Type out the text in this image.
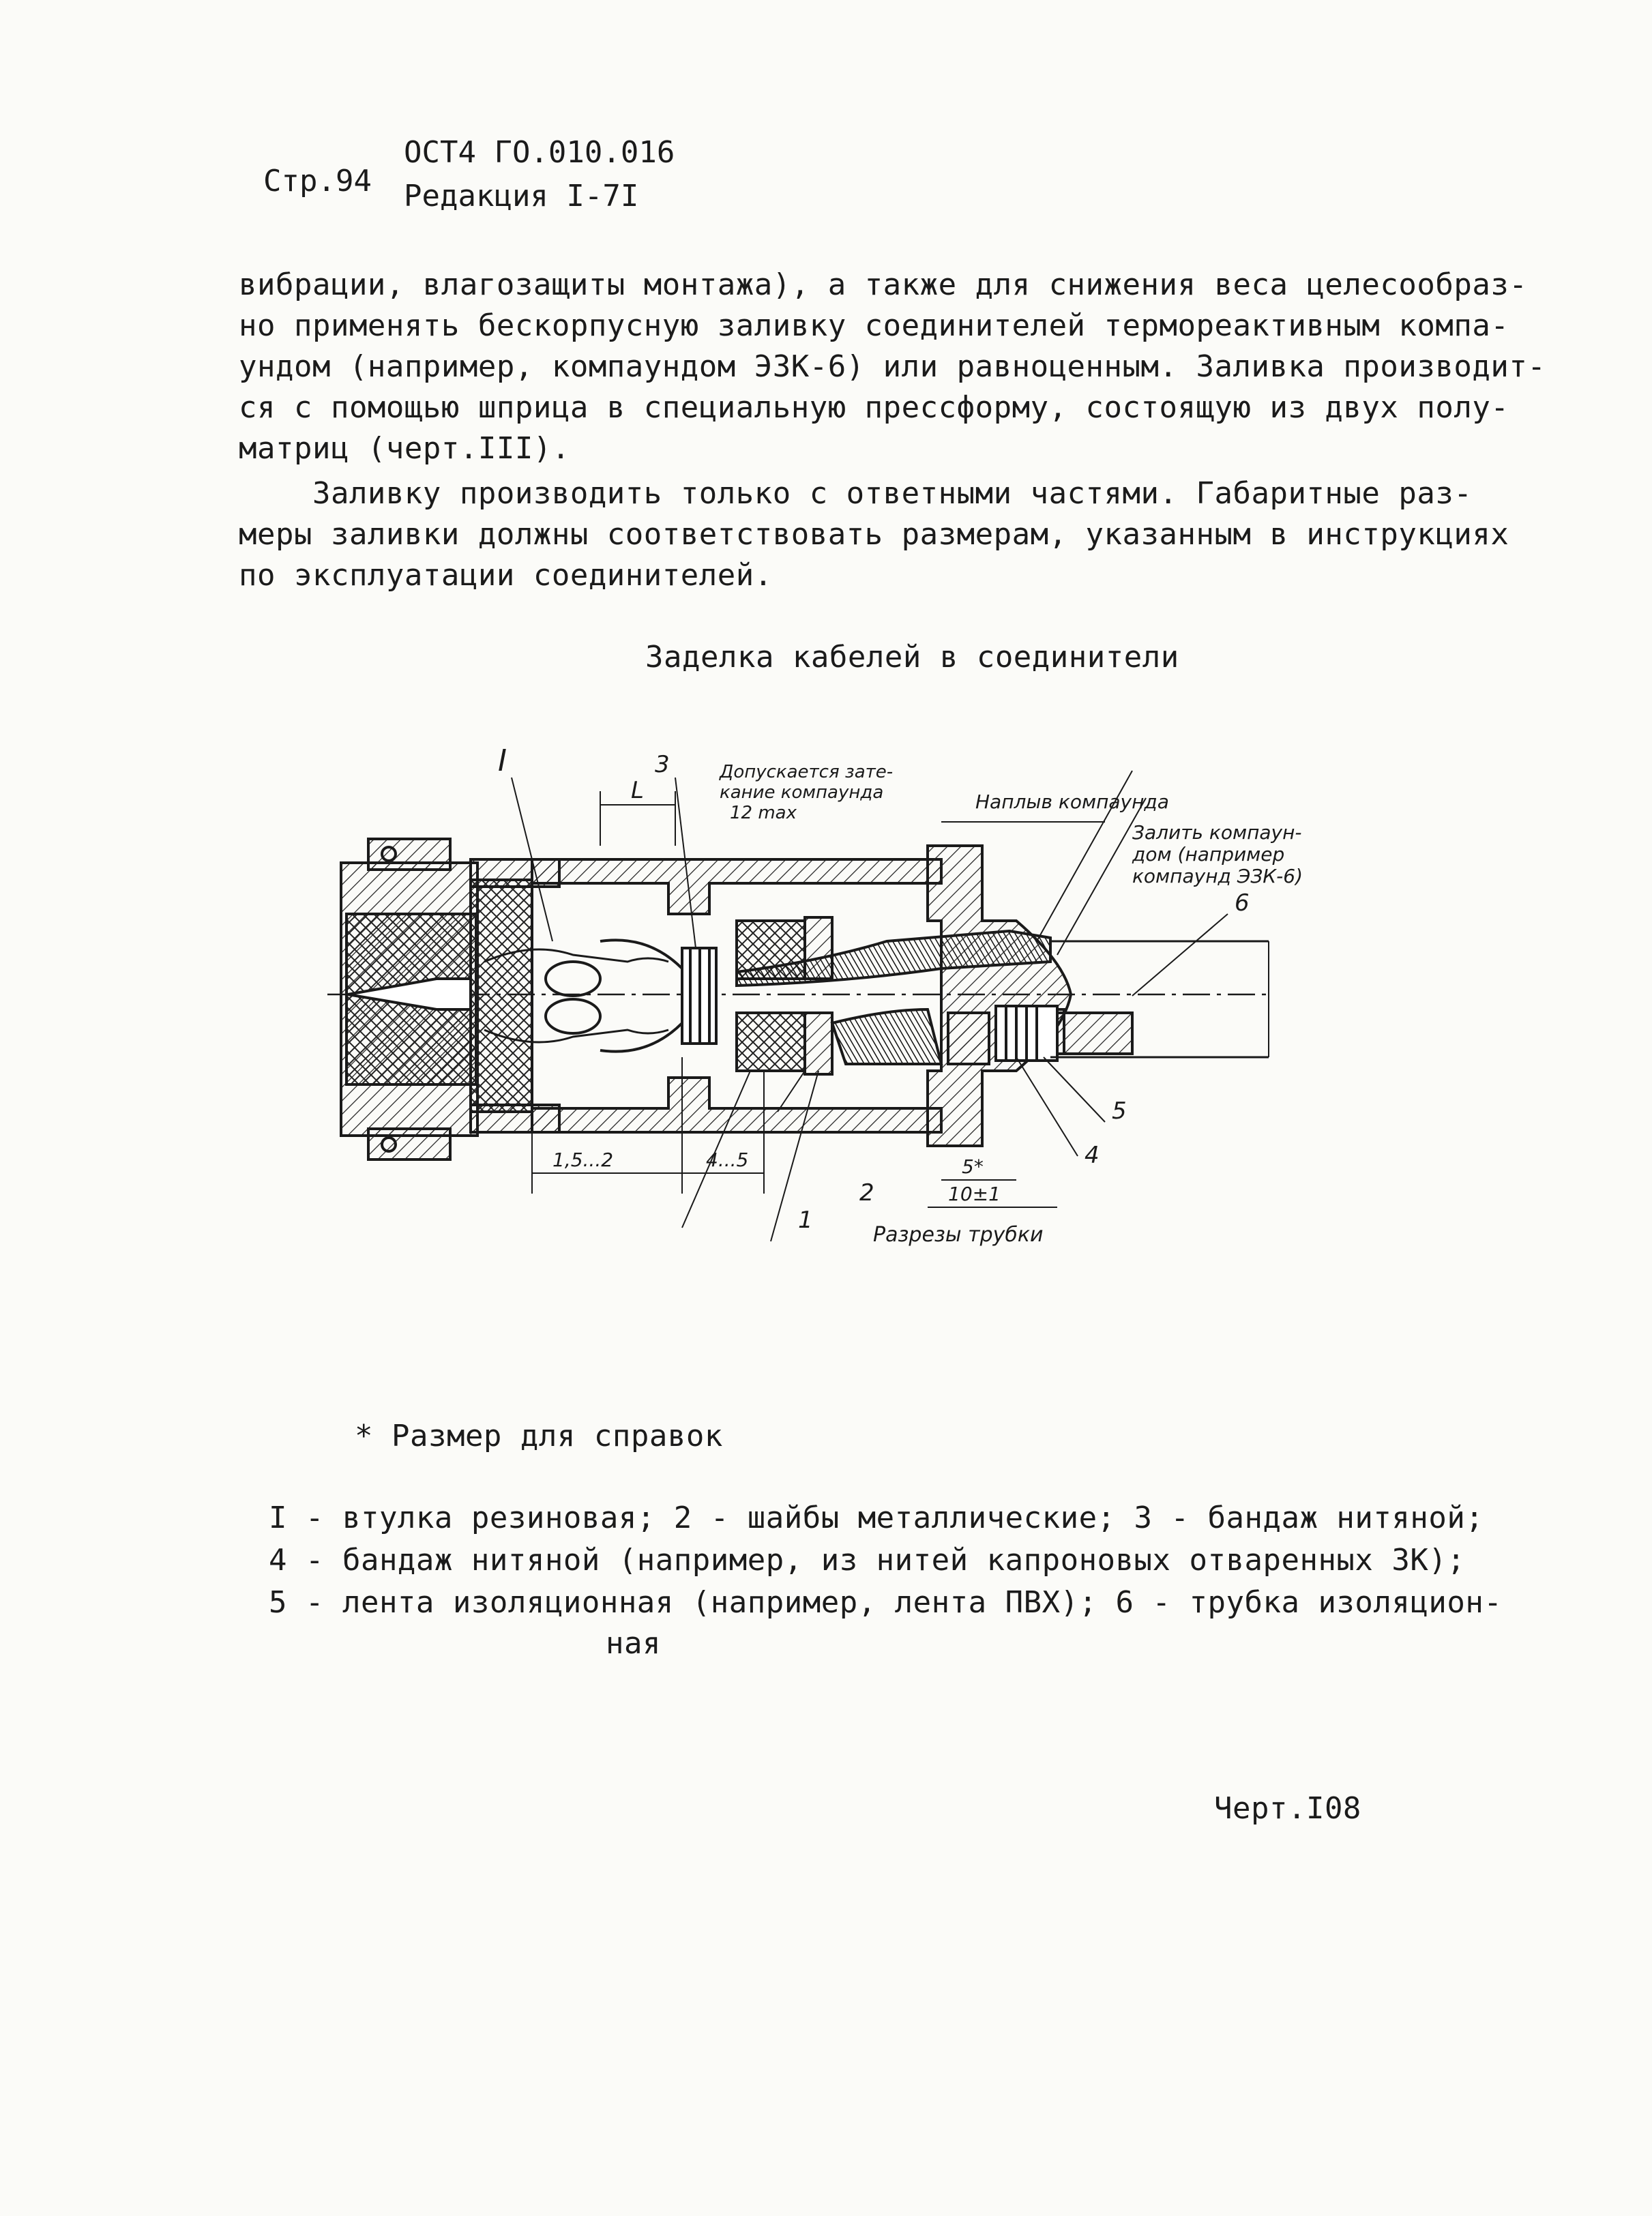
Стр.94
ОСТ4 ГО.010.016
Редакция I-7I
вибрации, влагозащиты монтажа), а также для снижения веса целесообраз-
но применять бескорпусную заливку соединителей термореактивным компа-
ундом (например, компаундом ЭЗК-6) или равноценным. Заливка производит-
ся с помощью шприца в специальную прессформу, состоящую из двух полу-
матриц (черт.III).
Заливку производить только с ответными частями. Габаритные раз-
меры заливки должны соответствовать размерам, указанным в инструкциях
по эксплуатации соединителей.
Заделка кабелей в соединители
I	3
L
Допускается зате-
кание компаунда
12 max	Наплыв компаунда
Залить компаун-
дом (например
компаунд ЭЗК-6)
6
5
4
1,5...2	4...5	5*
10±1
2
1
Разрезы трубки
* Размер для справок
I - втулка резиновая; 2 - шайбы металлические; 3 - бандаж нитяной;
4 - бандаж нитяной (например, из нитей капроновых отваренных ЗК);
5 - лента изоляционная (например, лента ПВХ); 6 - трубка изоляцион-
ная
Черт.I08
